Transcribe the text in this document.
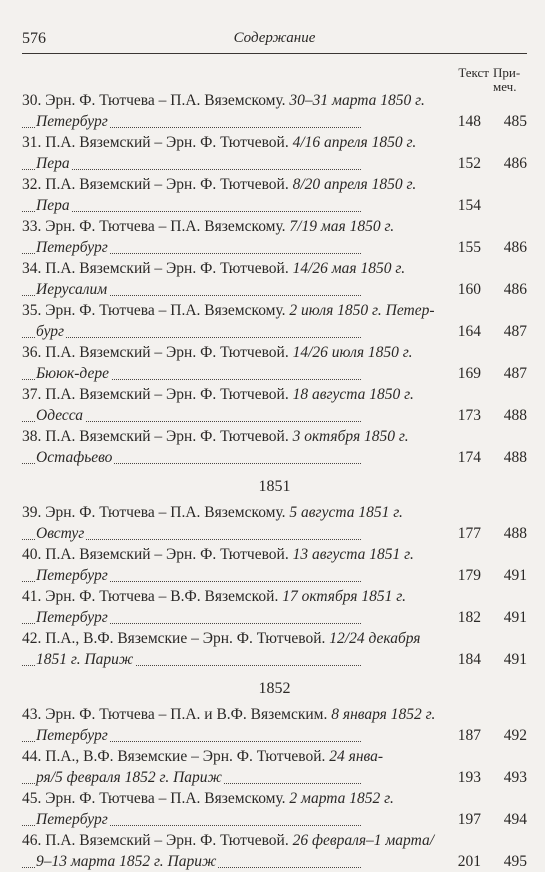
576	Содержание
Текст При-меч.
30. Эрн. Ф. Тютчева – П.А. Вяземскому. 30–31 марта 1850 г.
Петербург	148	485
31. П.А. Вяземский – Эрн. Ф. Тютчевой. 4/16 апреля 1850 г.
Пера	152	486
32. П.А. Вяземский – Эрн. Ф. Тютчевой. 8/20 апреля 1850 г.
Пера	154
33. Эрн. Ф. Тютчева – П.А. Вяземскому. 7/19 мая 1850 г.
Петербург	155	486
34. П.А. Вяземский – Эрн. Ф. Тютчевой. 14/26 мая 1850 г.
Иерусалим	160	486
35. Эрн. Ф. Тютчева – П.А. Вяземскому. 2 июля 1850 г. Петер-
бург	164	487
36. П.А. Вяземский – Эрн. Ф. Тютчевой. 14/26 июля 1850 г.
Бююк-дере	169	487
37. П.А. Вяземский – Эрн. Ф. Тютчевой. 18 августа 1850 г.
Одесса	173	488
38. П.А. Вяземский – Эрн. Ф. Тютчевой. 3 октября 1850 г.
Остафьево	174	488
1851
39. Эрн. Ф. Тютчева – П.А. Вяземскому. 5 августа 1851 г.
Овстуг	177	488
40. П.А. Вяземский – Эрн. Ф. Тютчевой. 13 августа 1851 г.
Петербург	179	491
41. Эрн. Ф. Тютчева – В.Ф. Вяземской. 17 октября 1851 г.
Петербург	182	491
42. П.А., В.Ф. Вяземские – Эрн. Ф. Тютчевой. 12/24 декабря
1851 г. Париж	184	491
1852
43. Эрн. Ф. Тютчева – П.А. и В.Ф. Вяземским. 8 января 1852 г.
Петербург	187	492
44. П.А., В.Ф. Вяземские – Эрн. Ф. Тютчевой. 24 янва-
ря/5 февраля 1852 г. Париж	193	493
45. Эрн. Ф. Тютчева – П.А. Вяземскому. 2 марта 1852 г.
Петербург	197	494
46. П.А. Вяземский – Эрн. Ф. Тютчевой. 26 февраля–1 марта/
9–13 марта 1852 г. Париж	201	495
